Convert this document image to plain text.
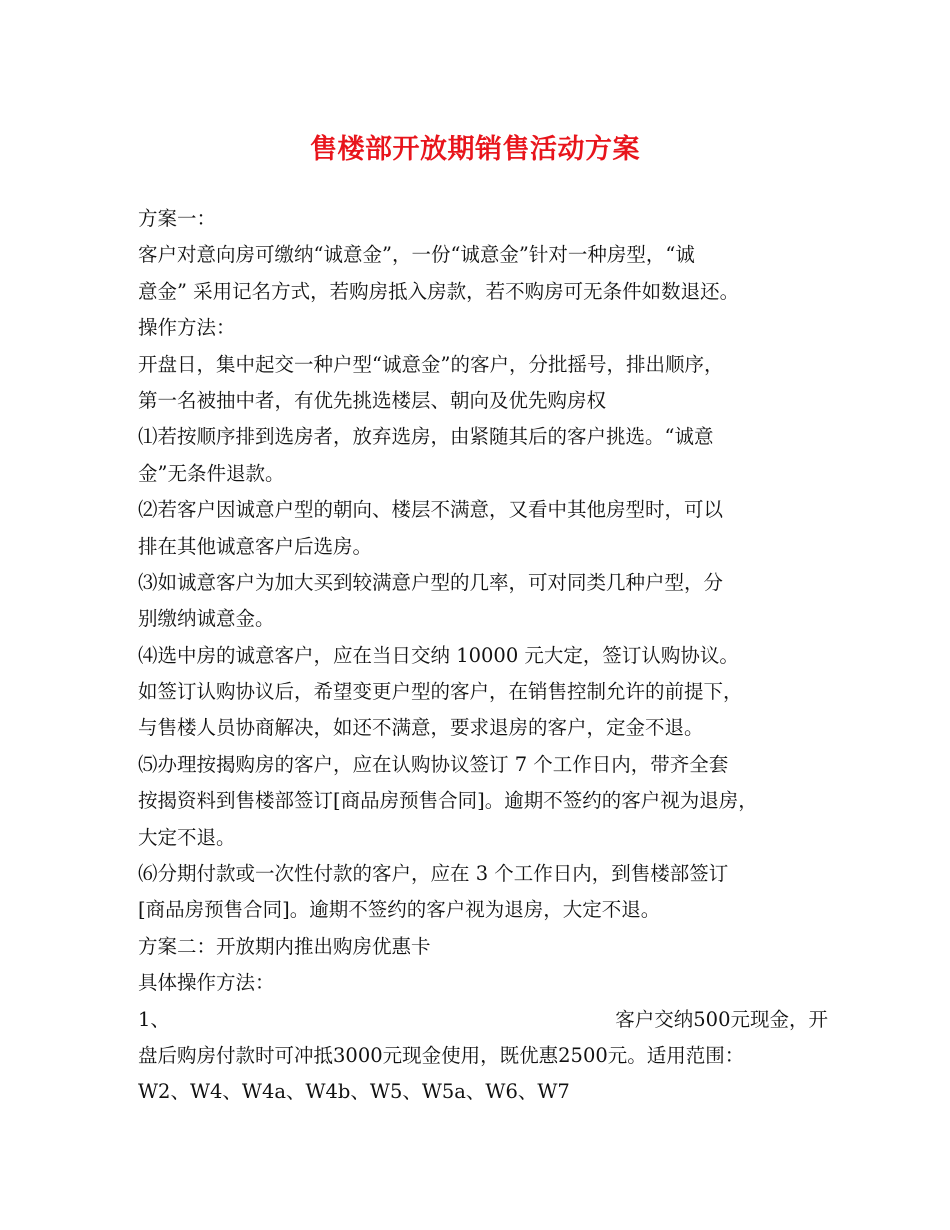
售楼部开放期销售活动方案
方案一：
客户对意向房可缴纳“诚意金”，一份“诚意金”针对一种房型，“诚
意金” 采用记名方式，若购房抵入房款，若不购房可无条件如数退还。
操作方法：
开盘日，集中起交一种户型“诚意金”的客户，分批摇号，排出顺序，
第一名被抽中者，有优先挑选楼层、朝向及优先购房权
⑴若按顺序排到选房者，放弃选房，由紧随其后的客户挑选。“诚意
金”无条件退款。
⑵若客户因诚意户型的朝向、楼层不满意，又看中其他房型时，可以
排在其他诚意客户后选房。
⑶如诚意客户为加大买到较满意户型的几率，可对同类几种户型，分
别缴纳诚意金。
⑷选中房的诚意客户，应在当日交纳 10000 元大定，签订认购协议。
如签订认购协议后，希望变更户型的客户，在销售控制允许的前提下，
与售楼人员协商解决，如还不满意，要求退房的客户，定金不退。
⑸办理按揭购房的客户，应在认购协议签订 7 个工作日内，带齐全套
按揭资料到售楼部签订[商品房预售合同]。逾期不签约的客户视为退房，
大定不退。
⑹分期付款或一次性付款的客户，应在 3 个工作日内，到售楼部签订
[商品房预售合同]。逾期不签约的客户视为退房，大定不退。
方案二：开放期内推出购房优惠卡
具体操作方法：
1、	客户交纳500元现金，开
盘后购房付款时可冲抵3000元现金使用，既优惠2500元。适用范围：
W2、W4、W4a、W4b、W5、W5a、W6、W7
